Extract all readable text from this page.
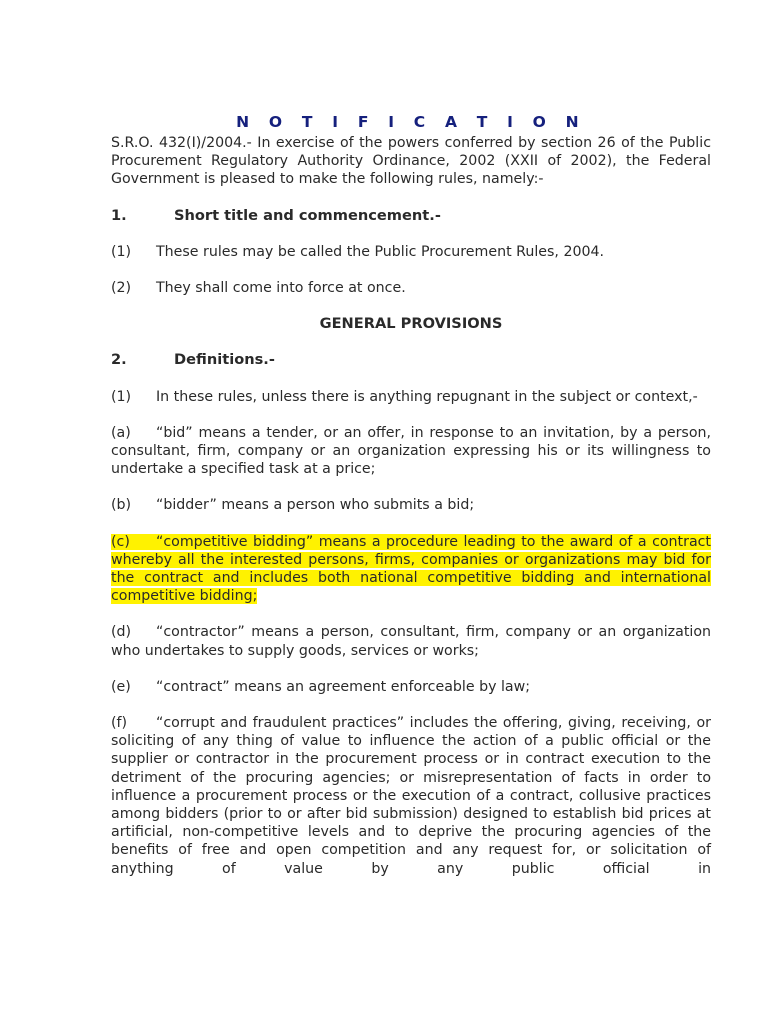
N O T I F I C A T I O N

S.R.O. 432(I)/2004.- In exercise of the powers conferred by section 26 of the Public Procurement Regulatory Authority Ordinance, 2002 (XXII of 2002), the Federal Government is pleased to make the following rules, namely:-

1.	Short title and commencement.-
(1)	These rules may be called the Public Procurement Rules, 2004.
(2)	They shall come into force at once.
GENERAL PROVISIONS
2.	Definitions.-

(1) In these rules, unless there is anything repugnant in the subject or context,-

(a) “bid” means a tender, or an offer, in response to an invitation, by a person, consultant, firm, company or an organization expressing his or its willingness to undertake a specified task at a price;

(b) “bidder” means a person who submits a bid;

(c) “competitive bidding” means a procedure leading to the award of a contract whereby all the interested persons, firms, companies or organizations may bid for the contract and includes both national competitive bidding and international competitive bidding;

(d) “contractor” means a person, consultant, firm, company or an organization who undertakes to supply goods, services or works;

(e) “contract” means an agreement enforceable by law;

(f) “corrupt and fraudulent practices” includes the offering, giving, receiving, or soliciting of any thing of value to influence the action of a public official or the supplier or contractor in the procurement process or in contract execution to the detriment of the procuring agencies; or misrepresentation of facts in order to influence a procurement process or the execution of a contract, collusive practices among bidders (prior to or after bid submission) designed to establish bid prices at artificial, non-competitive levels and to deprive the procuring agencies of the benefits of free and open competition and any request for, or solicitation of anything of value by any public official in
